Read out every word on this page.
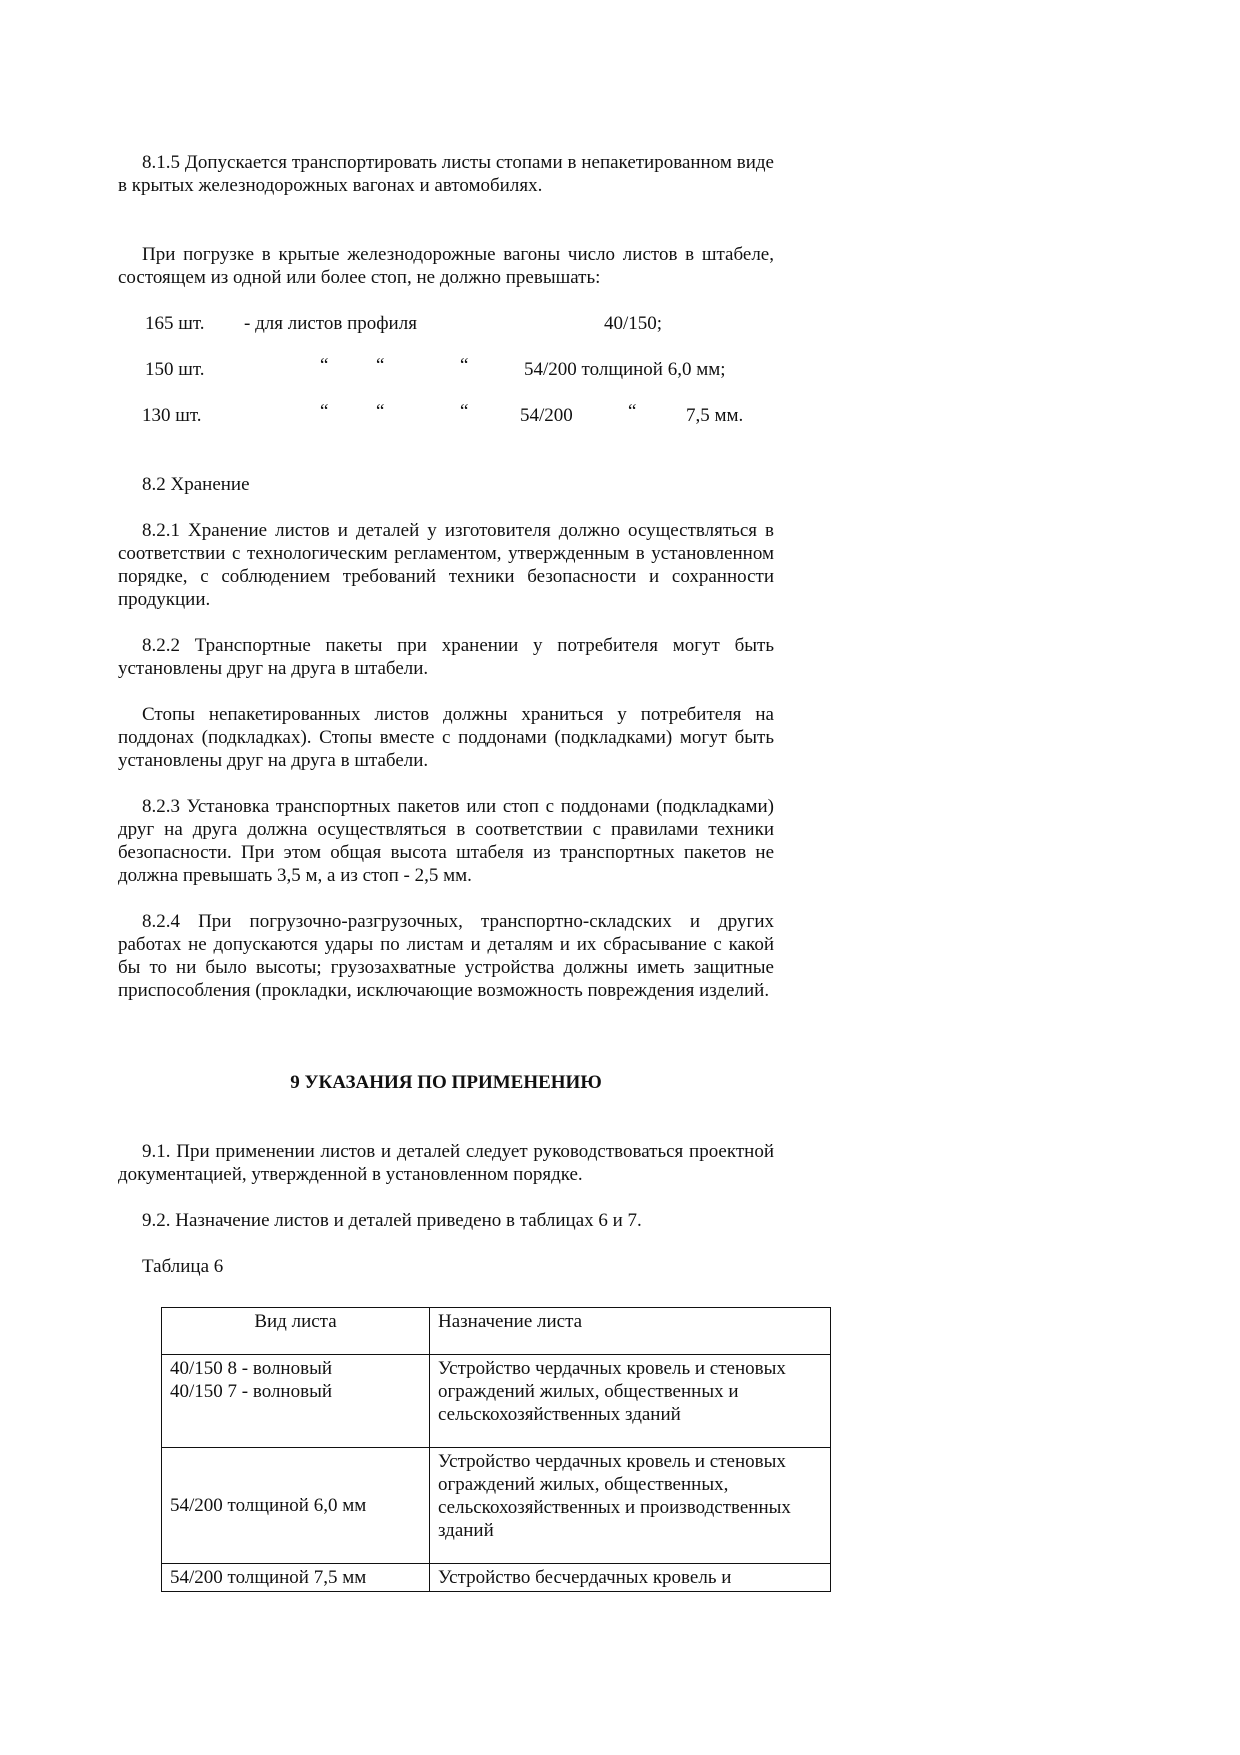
8.1.5 Допускается транспортировать листы стопами в непакетированном виде в крытых железнодорожных вагонах и автомобилях.

При погрузке в крытые железнодорожные вагоны число листов в штабеле, состоящем из одной или более стоп, не должно превышать:

165 шт. - для листов профиля	40/150;
150 шт.	“	“	“	54/200 толщиной 6,0 мм;
130 шт.	“	“	“	54/200	“	7,5 мм.
8.2 Хранение

8.2.1 Хранение листов и деталей у изготовителя должно осуществляться в соответствии с технологическим регламентом, утвержденным в установленном порядке, с соблюдением требований техники безопасности и сохранности продукции.

8.2.2 Транспортные пакеты при хранении у потребителя могут быть установлены друг на друга в штабели.

Стопы непакетированных листов должны храниться у потребителя на поддонах (подкладках). Стопы вместе с поддонами (подкладками) могут быть установлены друг на друга в штабели.

8.2.3 Установка транспортных пакетов или стоп с поддонами (подкладками) друг на друга должна осуществляться в соответствии с правилами техники безопасности. При этом общая высота штабеля из транспортных пакетов не должна превышать 3,5 м, а из стоп - 2,5 мм.

8.2.4 При погрузочно-разгрузочных, транспортно-складских и других работах не допускаются удары по листам и деталям и их сбрасывание с какой бы то ни было высоты; грузозахватные устройства должны иметь защитные приспособления (прокладки, исключающие возможность повреждения изделий.

9 УКАЗАНИЯ ПО ПРИМЕНЕНИЮ

9.1. При применении листов и деталей следует руководствоваться проектной документацией, утвержденной в установленном порядке.

9.2. Назначение листов и деталей приведено в таблицах 6 и 7.

Таблица 6
Вид листа	Назначение листа

40/150 8 - волновый
40/150 7 - волновый	Устройство чердачных кровель и стеновых ограждений жилых, общественных и сельскохозяйственных зданий

54/200 толщиной 6,0 мм	Устройство чердачных кровель и стеновых ограждений жилых, общественных, сельскохозяйственных и производственных зданий

54/200 толщиной 7,5 мм	Устройство бесчердачных кровель и
